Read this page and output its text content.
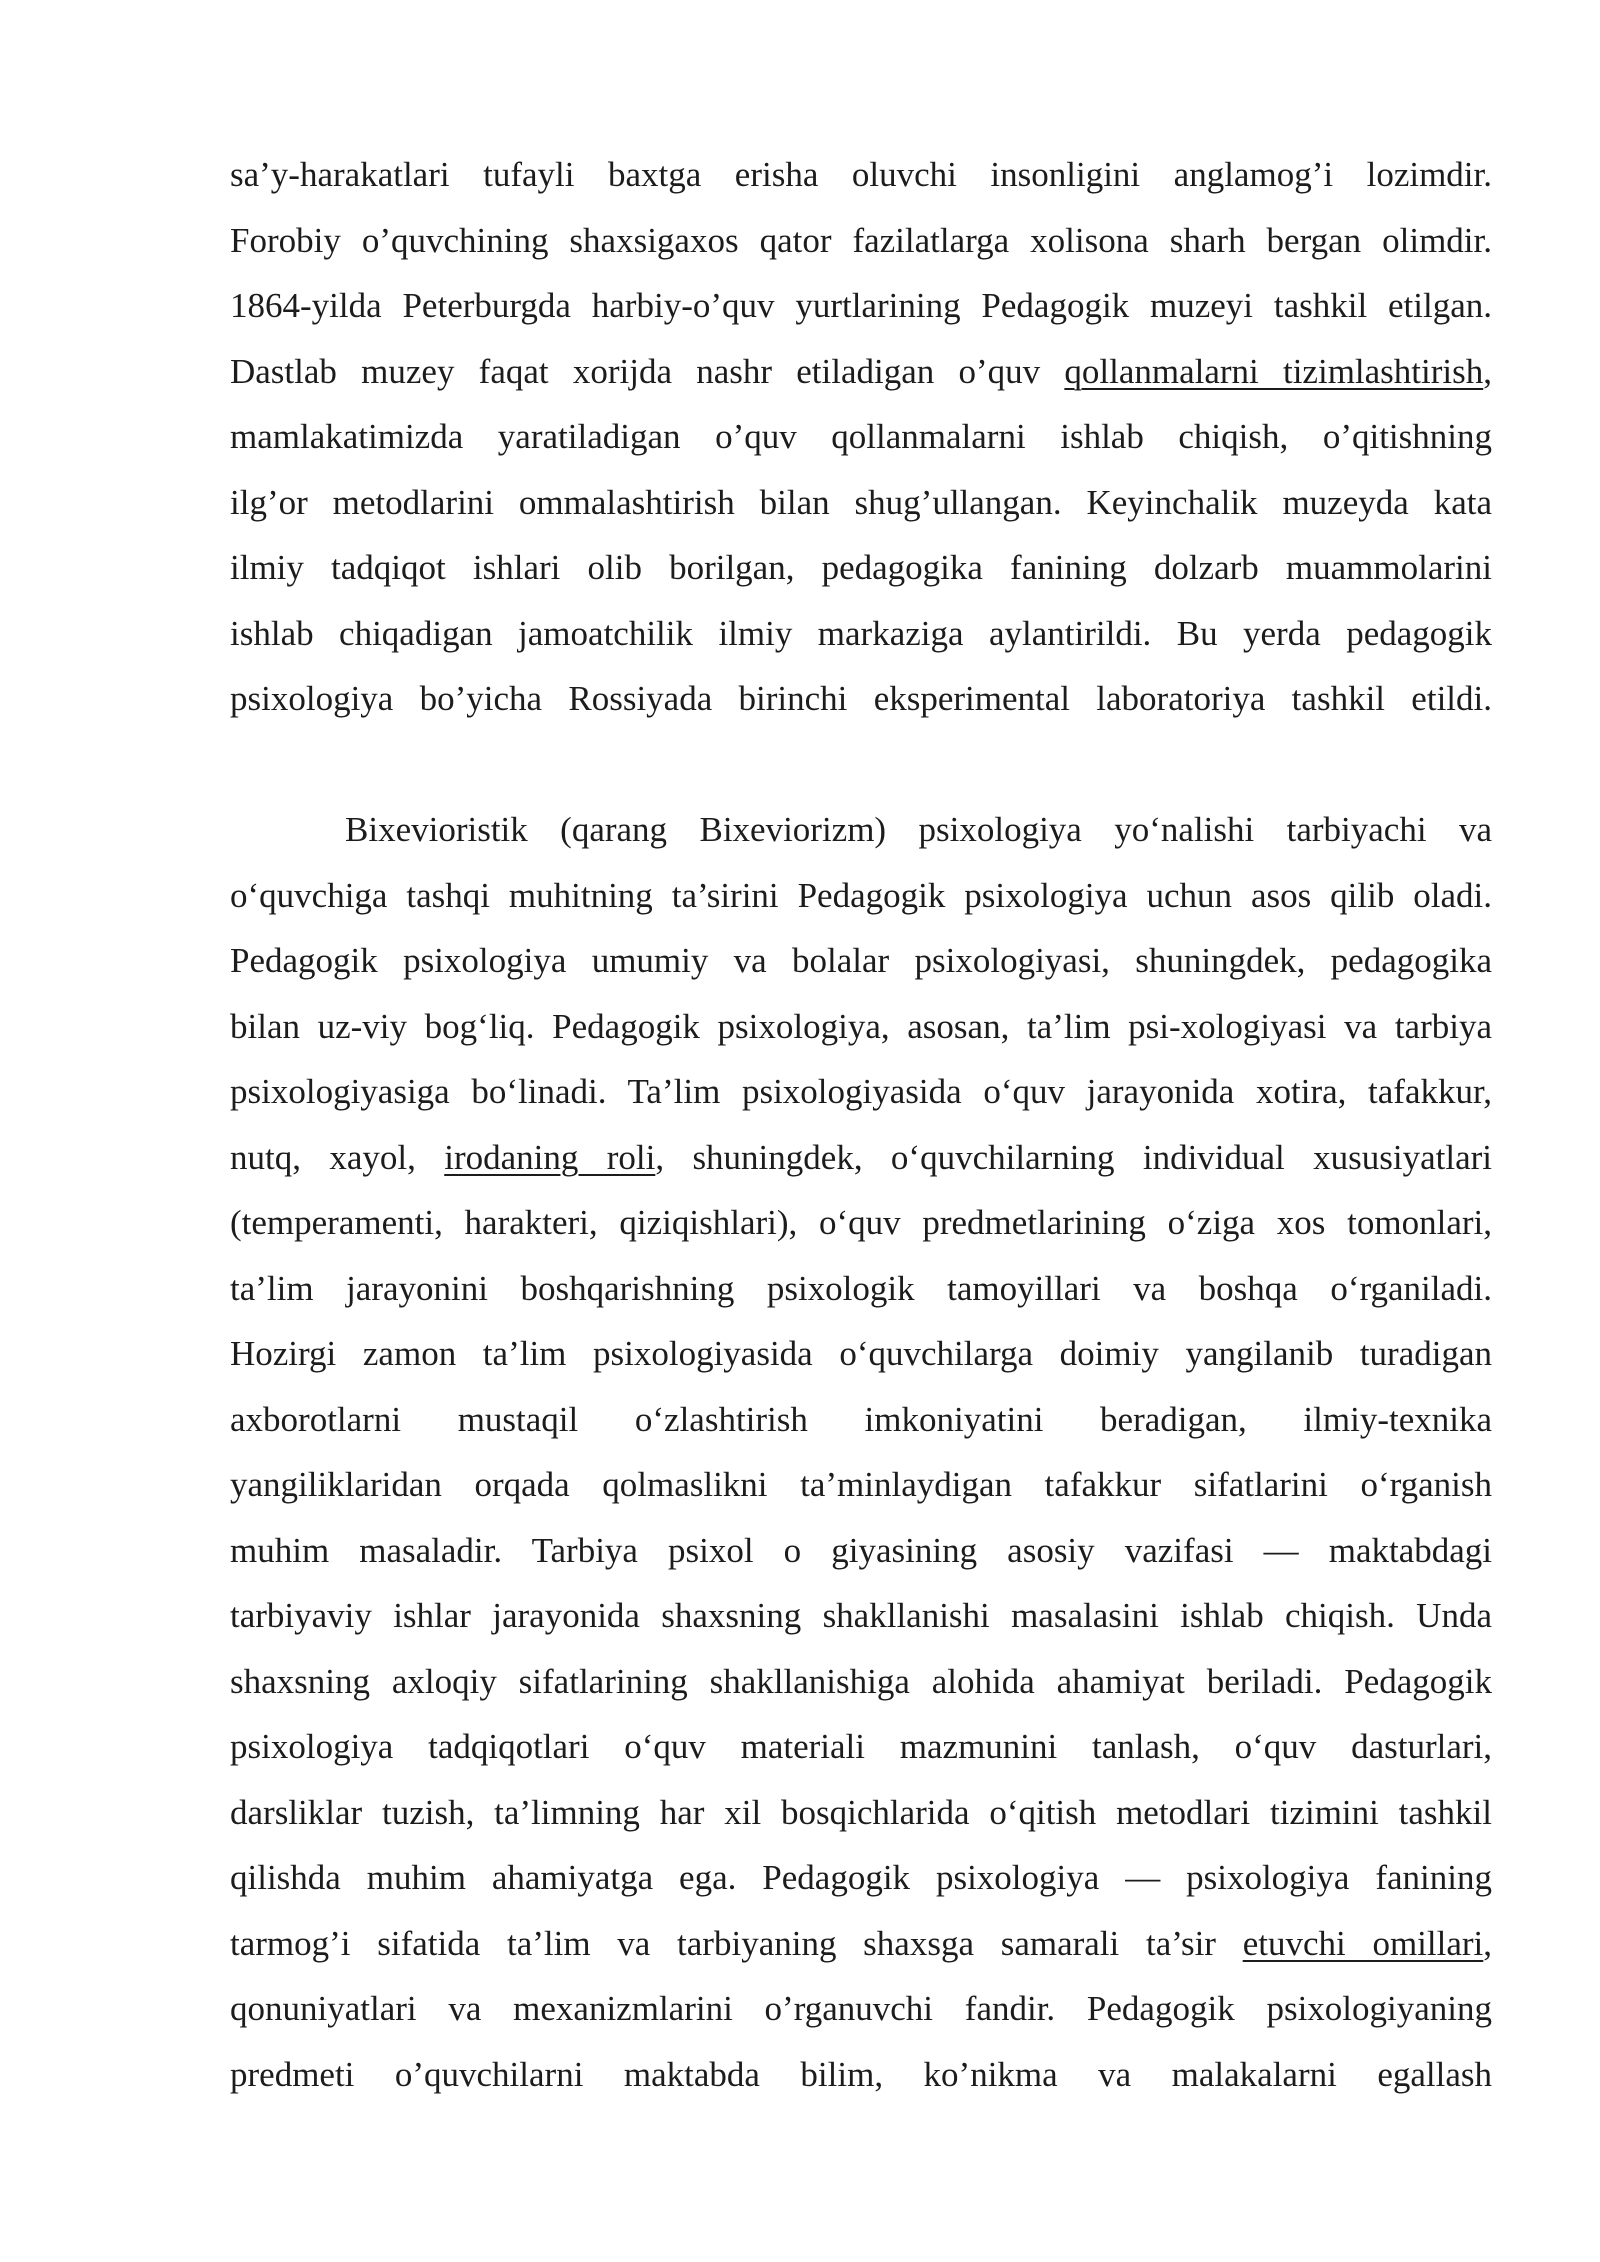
sa’y-harakatlari tufayli baxtga erisha oluvchi insonligini anglamog’i lozimdir.
Forobiy o’quvchining shaxsigaxos qator fazilatlarga xolisona sharh bergan olimdir.
1864-yilda Peterburgda harbiy-o’quv yurtlarining Pedagogik muzeyi tashkil etilgan.
Dastlab muzey faqat xorijda nashr etiladigan o’quv qollanmalarni tizimlashtirish,
mamlakatimizda yaratiladigan o’quv qollanmalarni ishlab chiqish, o’qitishning
ilg’or metodlarini ommalashtirish bilan shug’ullangan. Keyinchalik muzeyda kata
ilmiy tadqiqot ishlari olib borilgan, pedagogika fanining dolzarb muammolarini
ishlab chiqadigan jamoatchilik ilmiy markaziga aylantirildi. Bu yerda pedagogik
psixologiya bo’yicha Rossiyada birinchi eksperimental laboratoriya tashkil etildi.
Bixevioristik (qarang Bixeviorizm) psixologiya yo‘nalishi tarbiyachi va
o‘quvchiga tashqi muhitning ta’sirini Pedagogik psixologiya uchun asos qilib oladi.
Pedagogik psixologiya umumiy va bolalar psixologiyasi, shuningdek, pedagogika
bilan uz-viy bog‘liq. Pedagogik psixologiya, asosan, ta’lim psi-xologiyasi va tarbiya
psixologiyasiga bo‘linadi. Ta’lim psixologiyasida o‘quv jarayonida xotira, tafakkur,
nutq, xayol, irodaning roli, shuningdek, o‘quvchilarning individual xususiyatlari
(temperamenti, harakteri, qiziqishlari), o‘quv predmetlarining o‘ziga xos tomonlari,
ta’lim jarayonini boshqarishning psixologik tamoyillari va boshqa o‘rganiladi.
Hozirgi zamon ta’lim psixologiyasida o‘quvchilarga doimiy yangilanib turadigan
axborotlarni mustaqil o‘zlashtirish imkoniyatini beradigan, ilmiy-texnika
yangiliklaridan orqada qolmaslikni ta’minlaydigan tafakkur sifatlarini o‘rganish
muhim masaladir. Tarbiya psixol o giyasining asosiy vazifasi — maktabdagi
tarbiyaviy ishlar jarayonida shaxsning shakllanishi masalasini ishlab chiqish. Unda
shaxsning axloqiy sifatlarining shakllanishiga alohida ahamiyat beriladi. Pedagogik
psixologiya tadqiqotlari o‘quv materiali mazmunini tanlash, o‘quv dasturlari,
darsliklar tuzish, ta’limning har xil bosqichlarida o‘qitish metodlari tizimini tashkil
qilishda muhim ahamiyatga ega. Pedagogik psixologiya — psixologiya fanining
tarmog’i sifatida ta’lim va tarbiyaning shaxsga samarali ta’sir etuvchi omillari,
qonuniyatlari va mexanizmlarini o’rganuvchi fandir. Pedagogik psixologiyaning
predmeti o’quvchilarni maktabda bilim, ko’nikma va malakalarni egallash
